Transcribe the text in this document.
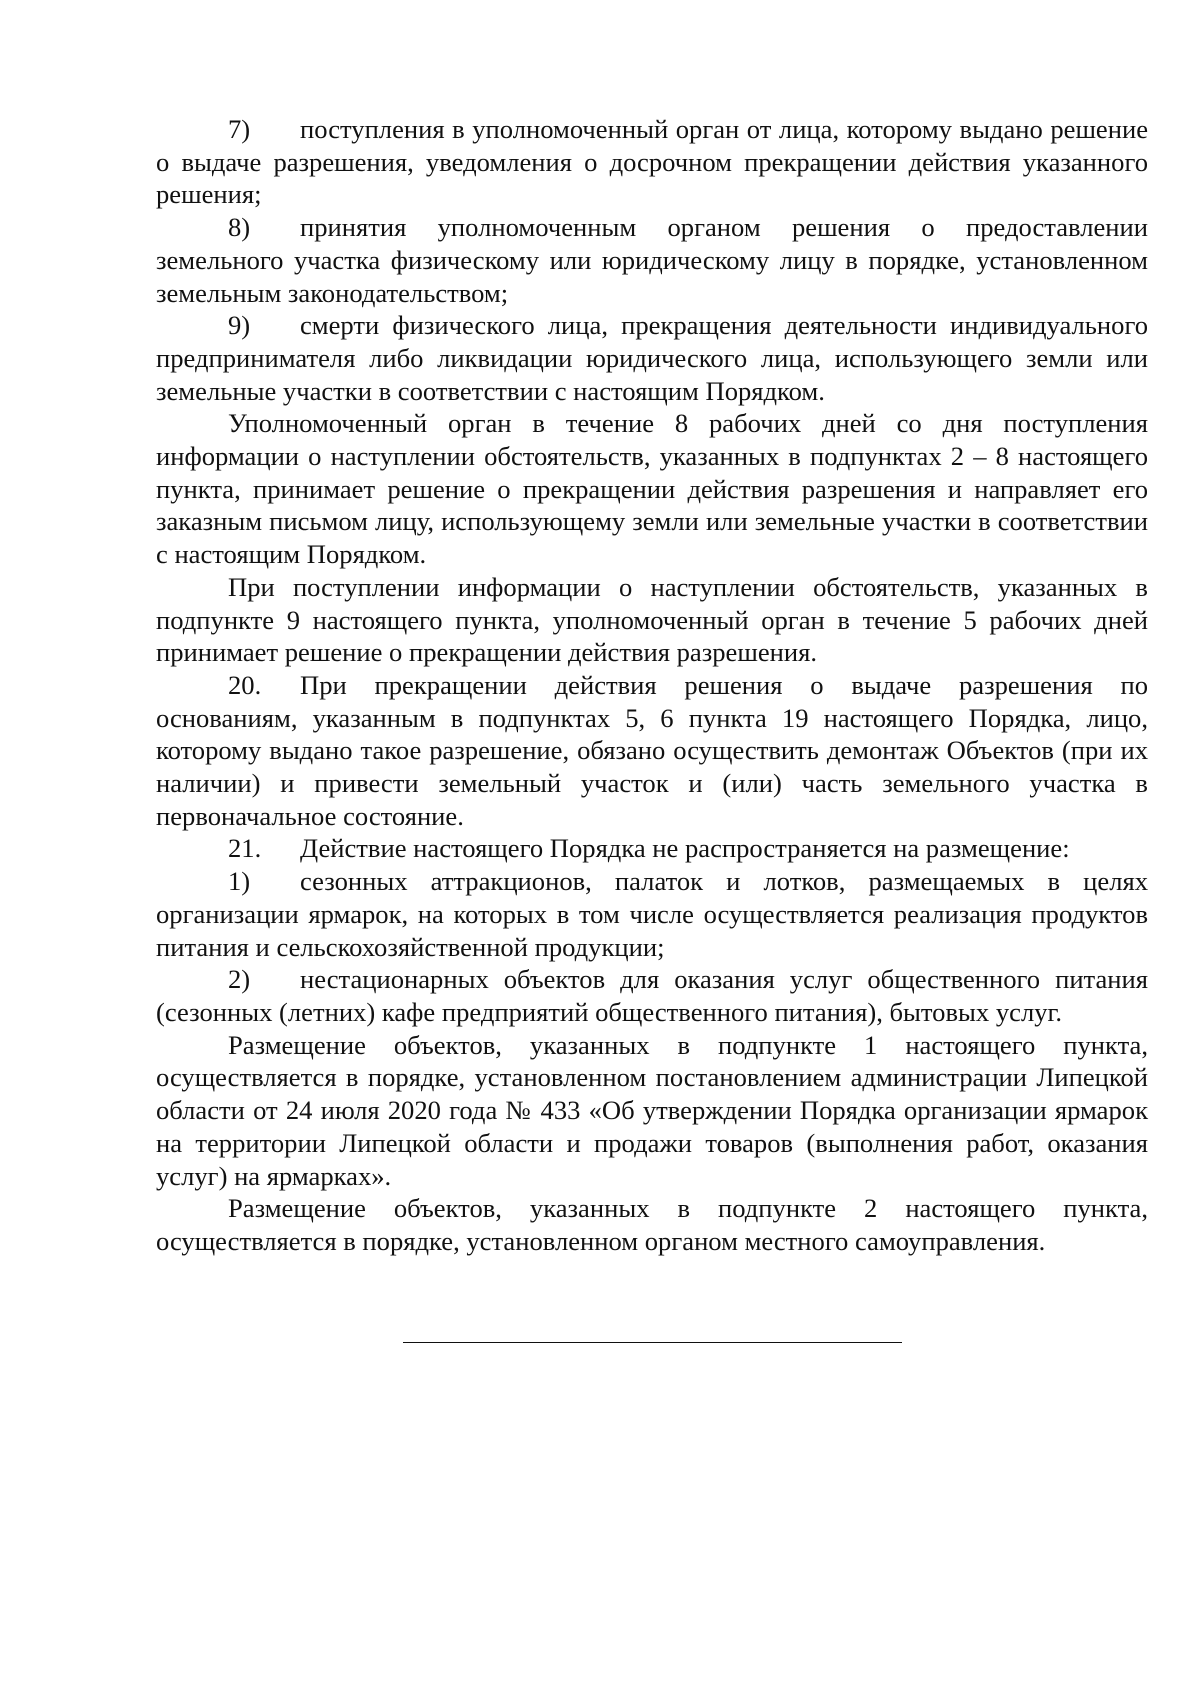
7) поступления в уполномоченный орган от лица, которому выдано решение о выдаче разрешения, уведомления о досрочном прекращении действия указанного решения;

8) принятия уполномоченным органом решения о предоставлении земельного участка физическому или юридическому лицу в порядке, установленном земельным законодательством;

9) смерти физического лица, прекращения деятельности индивидуального предпринимателя либо ликвидации юридического лица, использующего земли или земельные участки в соответствии с настоящим Порядком.

Уполномоченный орган в течение 8 рабочих дней со дня поступления информации о наступлении обстоятельств, указанных в подпунктах 2 – 8 настоящего пункта, принимает решение о прекращении действия разрешения и направляет его заказным письмом лицу, использующему земли или земельные участки в соответствии с настоящим Порядком.

При поступлении информации о наступлении обстоятельств, указанных в подпункте 9 настоящего пункта, уполномоченный орган в течение 5 рабочих дней принимает решение о прекращении действия разрешения.

20. При прекращении действия решения о выдаче разрешения по основаниям, указанным в подпунктах 5, 6 пункта 19 настоящего Порядка, лицо, которому выдано такое разрешение, обязано осуществить демонтаж Объектов (при их наличии) и привести земельный участок и (или) часть земельного участка в первоначальное состояние.

21. Действие настоящего Порядка не распространяется на размещение:

1) сезонных аттракционов, палаток и лотков, размещаемых в целях организации ярмарок, на которых в том числе осуществляется реализация продуктов питания и сельскохозяйственной продукции;

2) нестационарных объектов для оказания услуг общественного питания (сезонных (летних) кафе предприятий общественного питания), бытовых услуг.

Размещение объектов, указанных в подпункте 1 настоящего пункта, осуществляется в порядке, установленном постановлением администрации Липецкой области от 24 июля 2020 года № 433 «Об утверждении Порядка организации ярмарок на территории Липецкой области и продажи товаров (выполнения работ, оказания услуг) на ярмарках».

Размещение объектов, указанных в подпункте 2 настоящего пункта, осуществляется в порядке, установленном органом местного самоуправления.
